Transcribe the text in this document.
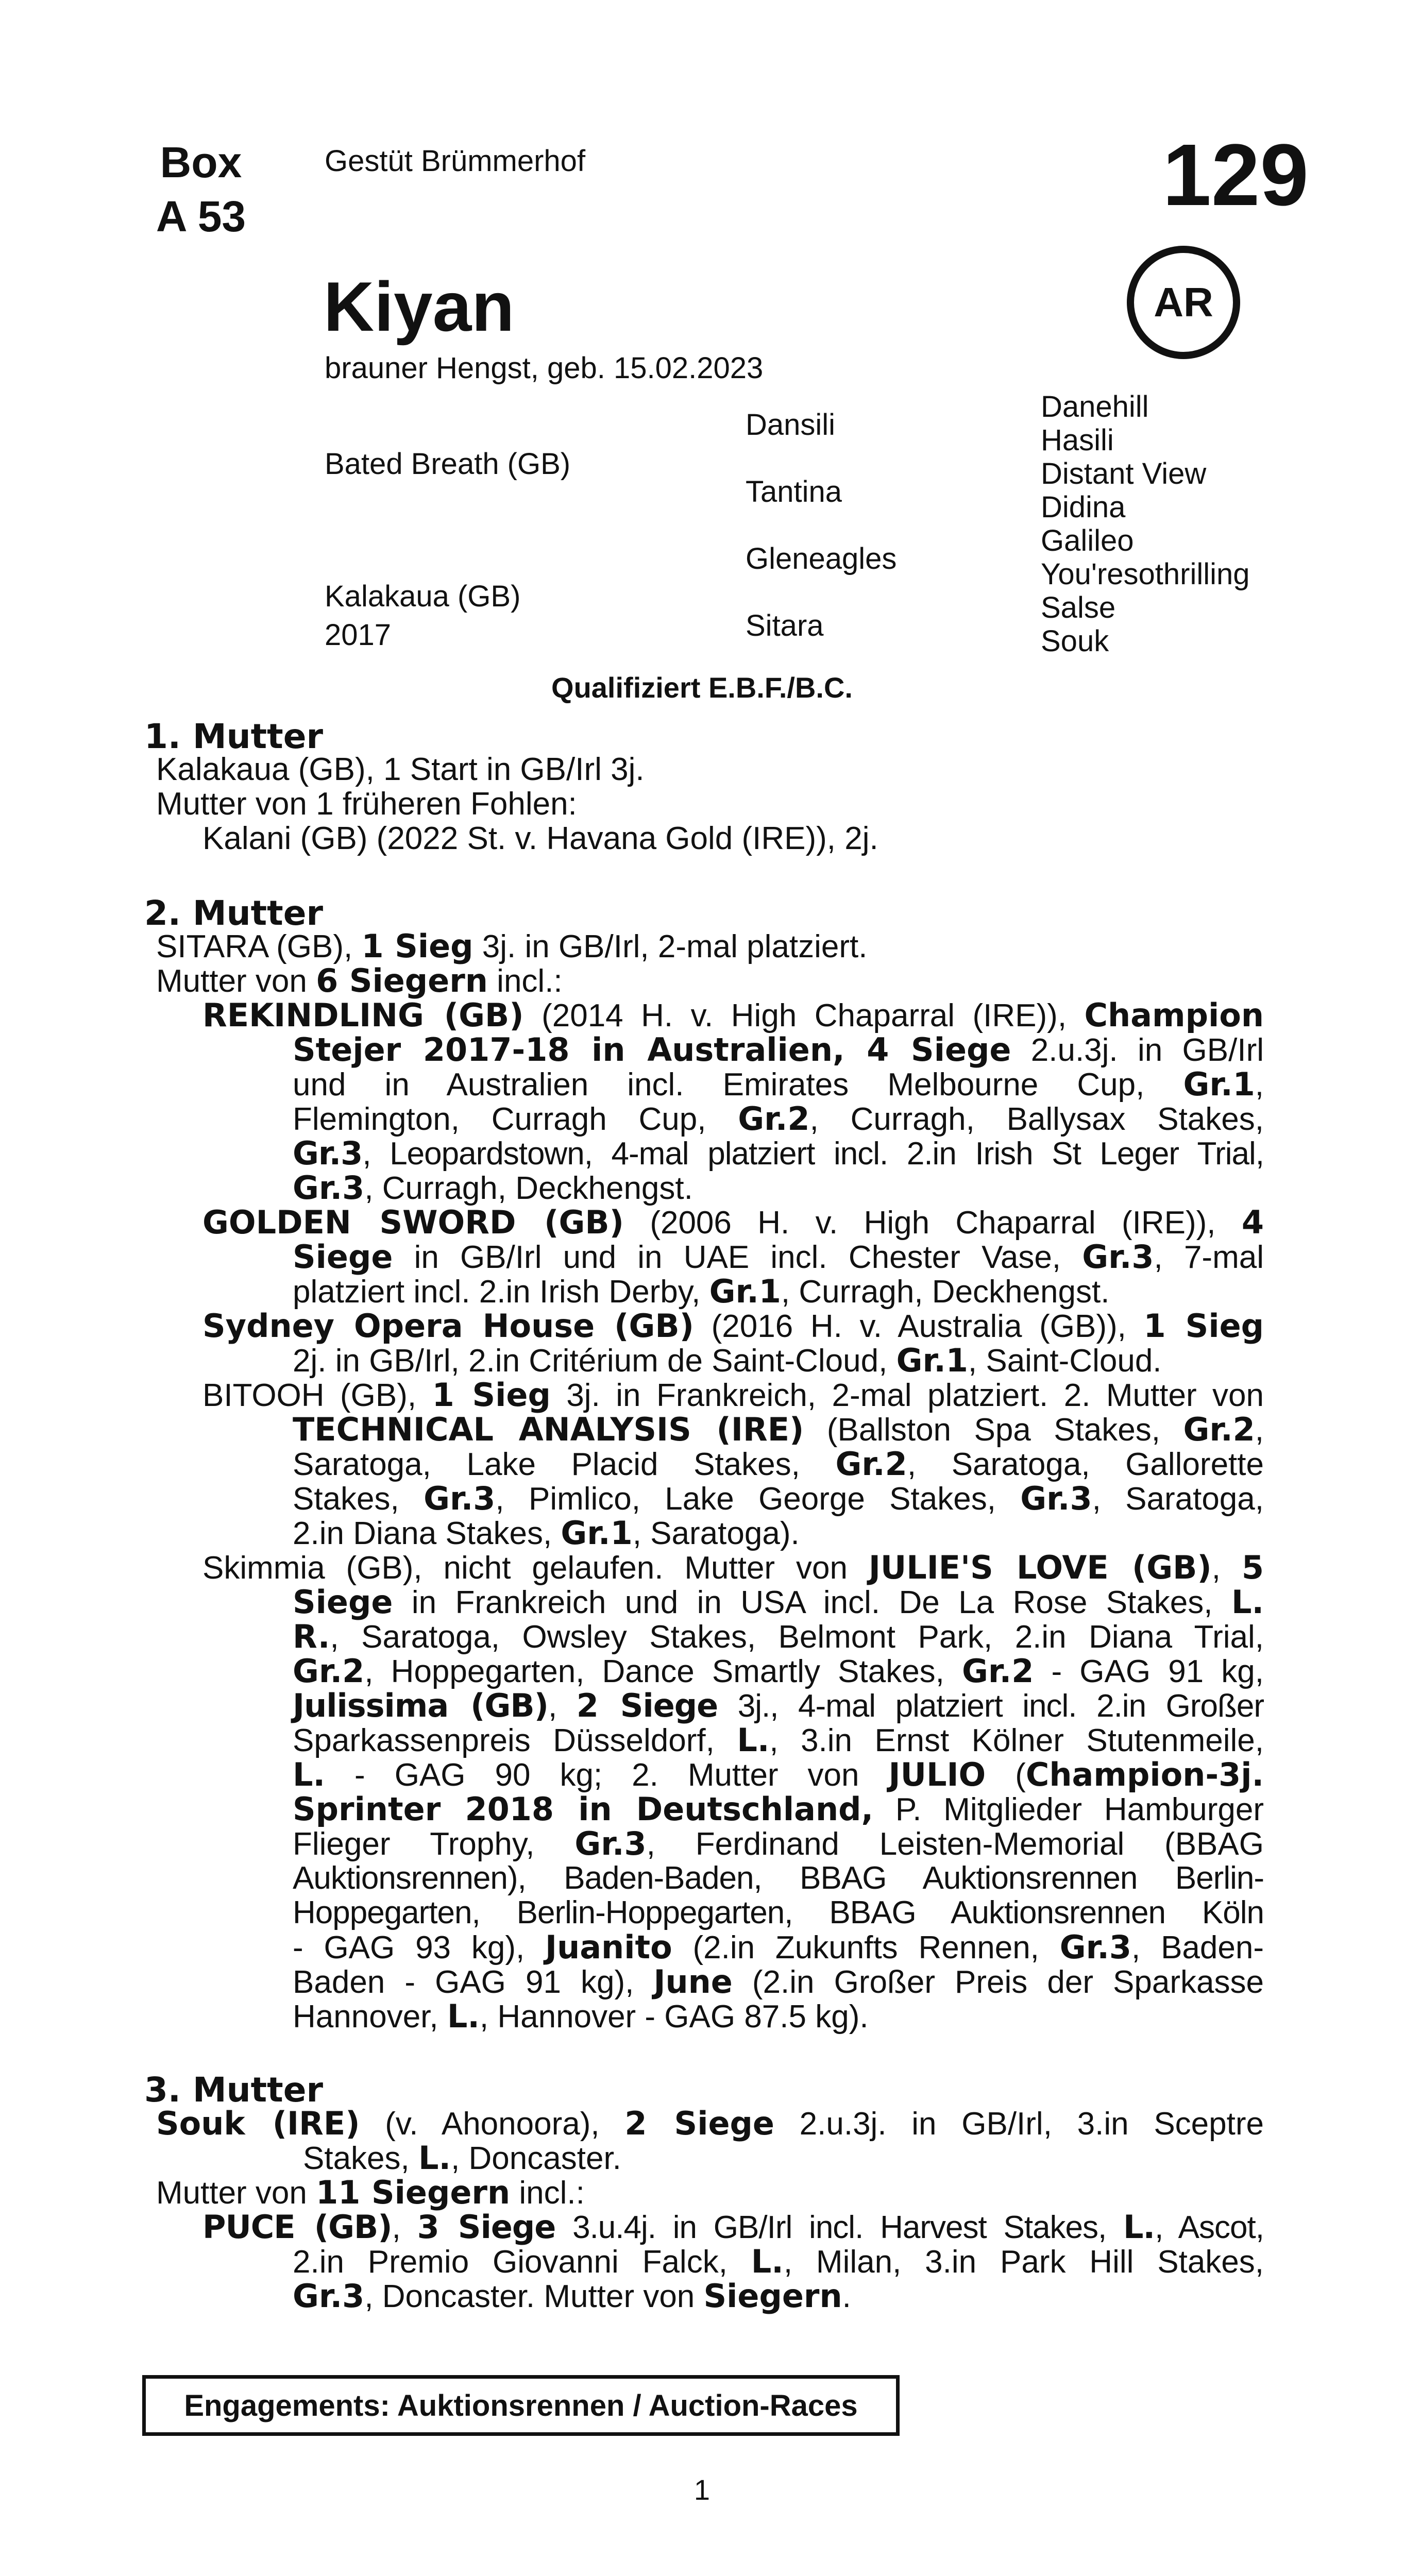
Box
A 53
Gestüt Brümmerhof	129
AR
Kiyan
brauner Hengst, geb. 15.02.2023
Bated Breath (GB)
Kalakaua (GB)
2017
Dansili
Tantina
Gleneagles
Sitara
Danehill
Hasili
Distant View
Didina
Galileo
You'resothrilling
Salse
Souk
Qualifiziert E.B.F./B.C.
1. Mutter
Kalakaua (GB), 1 Start in GB/Irl 3j.
Mutter von 1 früheren Fohlen:
Kalani (GB) (2022 St. v. Havana Gold (IRE)), 2j.
2. Mutter
SITARA (GB), 1 Sieg 3j. in GB/Irl, 2-mal platziert.
Mutter von 6 Siegern incl.:
REKINDLING (GB) (2014 H. v. High Chaparral (IRE)), Champion
Stejer 2017-18 in Australien, 4 Siege 2.u.3j. in GB/Irl
und in Australien incl. Emirates Melbourne Cup, Gr.1,
Flemington, Curragh Cup, Gr.2, Curragh, Ballysax Stakes,
Gr.3, Leopardstown, 4-mal platziert incl. 2.in Irish St Leger Trial,
Gr.3, Curragh, Deckhengst.
GOLDEN SWORD (GB) (2006 H. v. High Chaparral (IRE)), 4
Siege in GB/Irl und in UAE incl. Chester Vase, Gr.3, 7-mal
platziert incl. 2.in Irish Derby, Gr.1, Curragh, Deckhengst.
Sydney Opera House (GB) (2016 H. v. Australia (GB)), 1 Sieg
2j. in GB/Irl, 2.in Critérium de Saint-Cloud, Gr.1, Saint-Cloud.
BITOOH (GB), 1 Sieg 3j. in Frankreich, 2-mal platziert. 2. Mutter von
TECHNICAL ANALYSIS (IRE) (Ballston Spa Stakes, Gr.2,
Saratoga, Lake Placid Stakes, Gr.2, Saratoga, Gallorette
Stakes, Gr.3, Pimlico, Lake George Stakes, Gr.3, Saratoga,
2.in Diana Stakes, Gr.1, Saratoga).
Skimmia (GB), nicht gelaufen. Mutter von JULIE'S LOVE (GB), 5
Siege in Frankreich und in USA incl. De La Rose Stakes, L.
R., Saratoga, Owsley Stakes, Belmont Park, 2.in Diana Trial,
Gr.2, Hoppegarten, Dance Smartly Stakes, Gr.2 - GAG 91 kg,
Julissima (GB), 2 Siege 3j., 4-mal platziert incl. 2.in Großer
Sparkassenpreis Düsseldorf, L., 3.in Ernst Kölner Stutenmeile,
L. - GAG 90 kg; 2. Mutter von JULIO (Champion-3j.
Sprinter 2018 in Deutschland, P. Mitglieder Hamburger
Flieger Trophy, Gr.3, Ferdinand Leisten-Memorial (BBAG
Auktionsrennen), Baden-Baden, BBAG Auktionsrennen Berlin-
Hoppegarten, Berlin-Hoppegarten, BBAG Auktionsrennen Köln
- GAG 93 kg), Juanito (2.in Zukunfts Rennen, Gr.3, Baden-
Baden - GAG 91 kg), June (2.in Großer Preis der Sparkasse
Hannover, L., Hannover - GAG 87.5 kg).
3. Mutter
Souk (IRE) (v. Ahonoora), 2 Siege 2.u.3j. in GB/Irl, 3.in Sceptre
Stakes, L., Doncaster.
Mutter von 11 Siegern incl.:
PUCE (GB), 3 Siege 3.u.4j. in GB/Irl incl. Harvest Stakes, L., Ascot,
2.in Premio Giovanni Falck, L., Milan, 3.in Park Hill Stakes,
Gr.3, Doncaster. Mutter von Siegern.
Engagements: Auktionsrennen / Auction-Races
1
